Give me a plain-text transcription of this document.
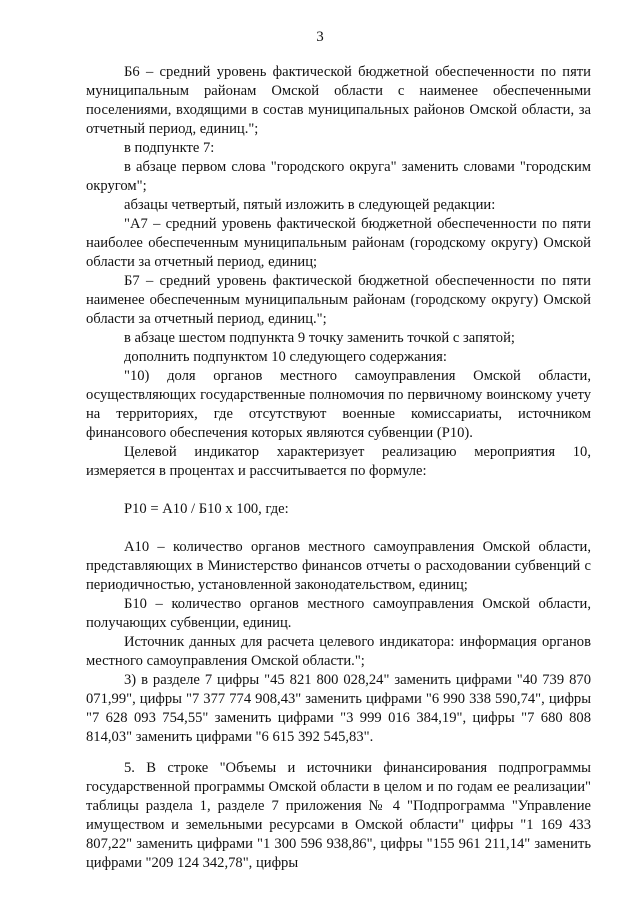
3

Б6 – средний уровень фактической бюджетной обеспеченности по пяти муниципальным районам Омской области с наименее обеспеченными поселениями, входящими в состав муниципальных районов Омской области, за отчетный период, единиц.";

в подпункте 7:

в абзаце первом слова "городского округа" заменить словами "городским округом";

абзацы четвертый, пятый изложить в следующей редакции:

"А7 – средний уровень фактической бюджетной обеспеченности по пяти наиболее обеспеченным муниципальным районам (городскому округу) Омской области за отчетный период, единиц;

Б7 – средний уровень фактической бюджетной обеспеченности по пяти наименее обеспеченным муниципальным районам (городскому округу) Омской области за отчетный период, единиц.";

в абзаце шестом подпункта 9 точку заменить точкой с запятой;

дополнить подпунктом 10 следующего содержания:

"10) доля органов местного самоуправления Омской области, осуществляющих государственные полномочия по первичному воинскому учету на территориях, где отсутствуют военные комиссариаты, источником финансового обеспечения которых являются субвенции (Р10).

Целевой индикатор характеризует реализацию мероприятия 10, измеряется в процентах и рассчитывается по формуле:

Р10 = А10 / Б10 х 100, где:

А10 – количество органов местного самоуправления Омской области, представляющих в Министерство финансов отчеты о расходовании субвенций с периодичностью, установленной законодательством, единиц;

Б10 – количество органов местного самоуправления Омской области, получающих субвенции, единиц.

Источник данных для расчета целевого индикатора: информация органов местного самоуправления Омской области.";

3) в разделе 7 цифры "45 821 800 028,24" заменить цифрами "40 739 870 071,99", цифры "7 377 774 908,43" заменить цифрами "6 990 338 590,74", цифры "7 628 093 754,55" заменить цифрами "3 999 016 384,19", цифры "7 680 808 814,03" заменить цифрами "6 615 392 545,83".

5. В строке "Объемы и источники финансирования подпрограммы государственной программы Омской области в целом и по годам ее реализации" таблицы раздела 1, разделе 7 приложения № 4 "Подпрограмма "Управление имуществом и земельными ресурсами в Омской области" цифры "1 169 433 807,22" заменить цифрами "1 300 596 938,86", цифры "155 961 211,14" заменить цифрами "209 124 342,78", цифры
